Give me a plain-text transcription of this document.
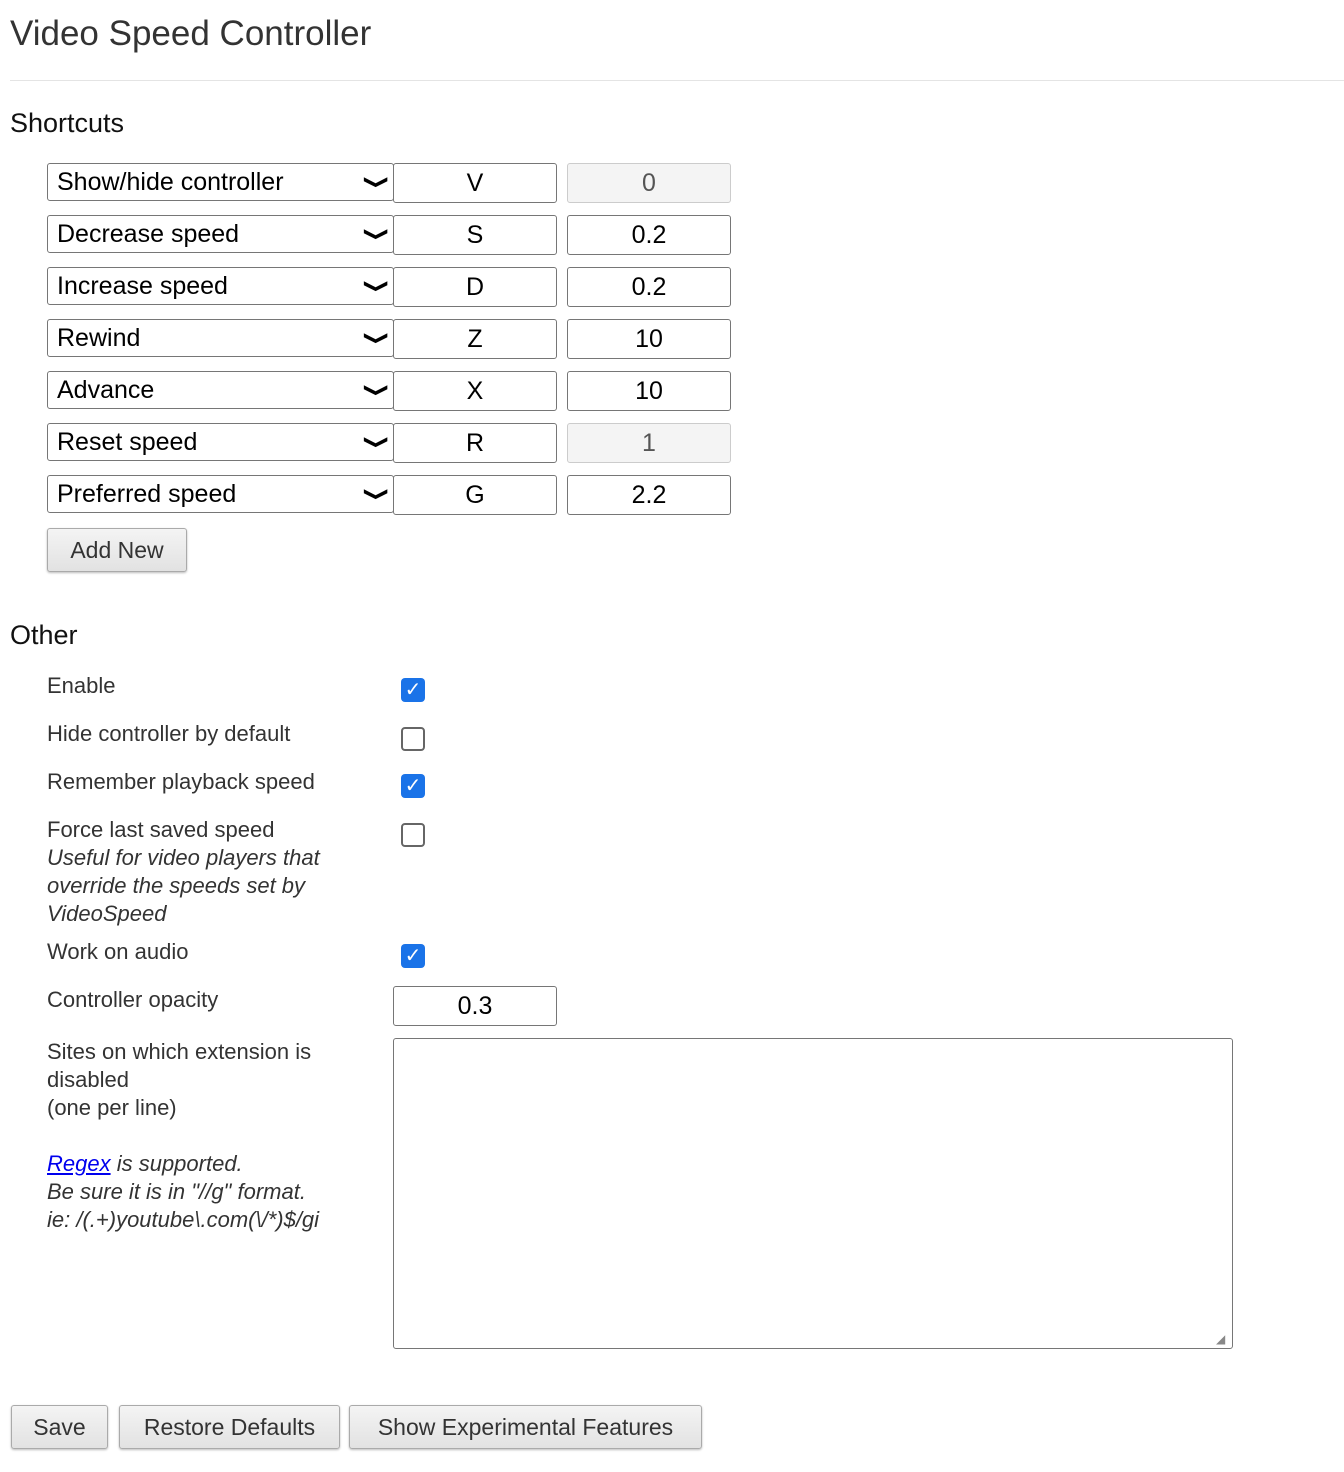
Video Speed Controller
Shortcuts
Show/hide controller	❯	V	0
Decrease speed	❯	S	0.2
Increase speed	❯	D	0.2
Rewind	❯	Z	10
Advance	❯	X	10
Reset speed	❯	R	1
Preferred speed	❯	G	2.2
Add New
Other
Enable	✓
Hide controller by default
Remember playback speed	✓
Force last saved speed
Useful for video players that override the speeds set by VideoSpeed
Work on audio	✓
Controller opacity	0.3
Sites on which extension is disabled
(one per line)

Regex is supported.
Be sure it is in "//g" format.
ie: /(.+)youtube\.com(\/*)$/gi
◢
Save	Restore Defaults	Show Experimental Features
